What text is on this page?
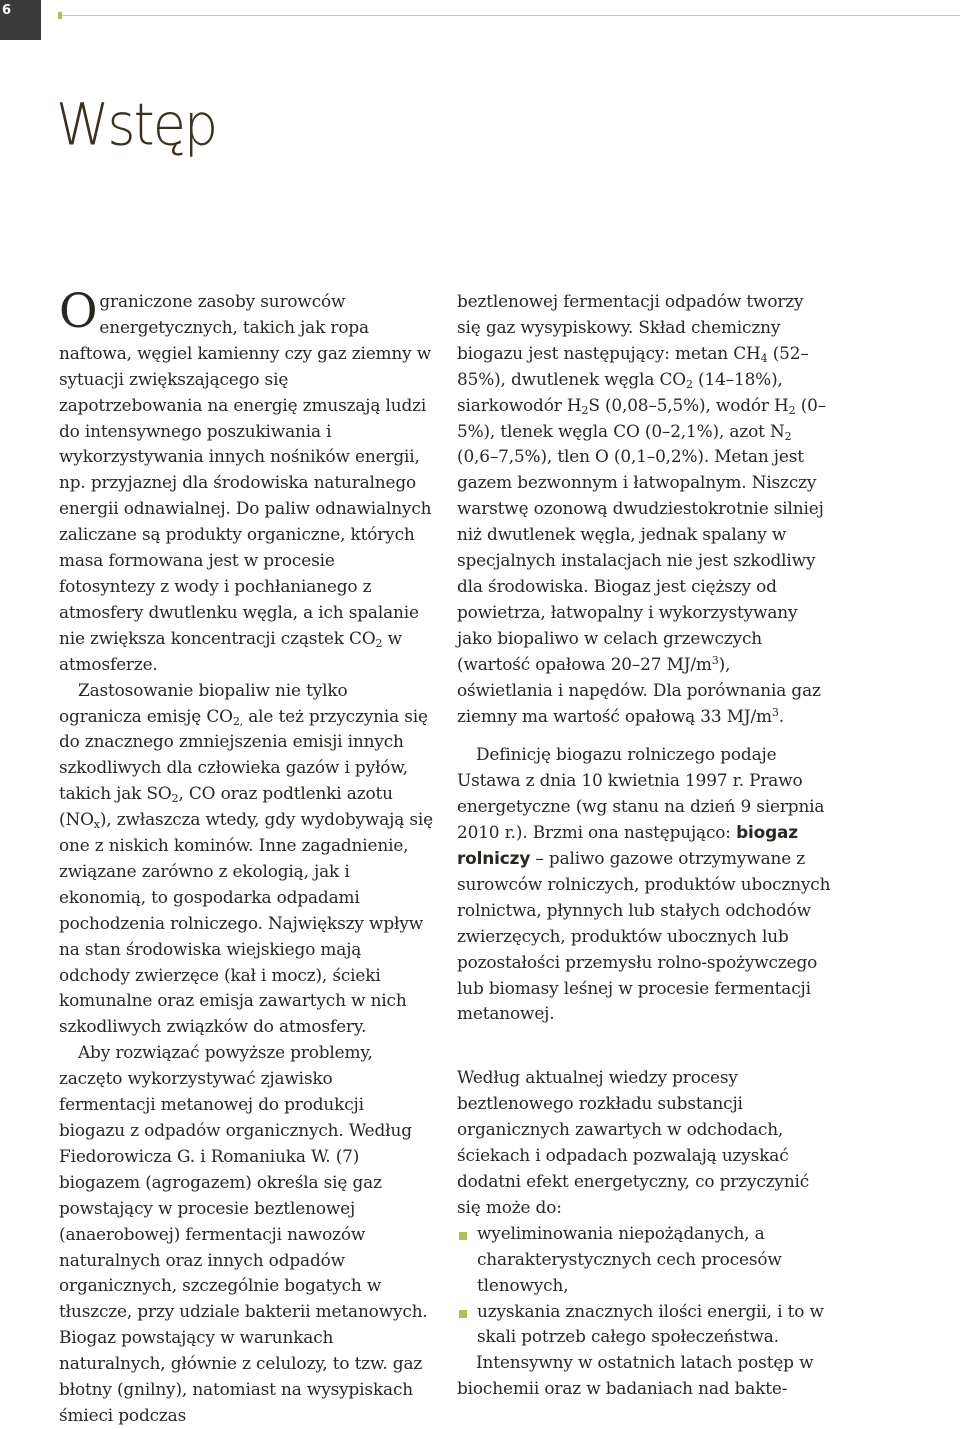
6
Wstęp

Ograniczone zasoby surowców energetycznych, takich jak ropa naftowa, węgiel kamienny czy gaz ziemny w sytuacji zwiększającego się zapotrzebowania na energię zmuszają ludzi do intensywnego poszukiwania i wykorzystywania innych nośników energii, np. przyjaznej dla środowiska naturalnego energii odnawialnej. Do paliw odnawialnych zaliczane są produkty organiczne, których masa formowana jest w procesie fotosyntezy z wody i pochłanianego z atmosfery dwutlenku węgla, a ich spalanie nie zwiększa koncentracji cząstek $CO_2$ w atmosferze.

Zastosowanie biopaliw nie tylko ogranicza emisję $CO_{2,}$ ale też przyczynia się do znacznego zmniejszenia emisji innych szkodliwych dla człowieka gazów i pyłów, takich jak $SO_2$, CO oraz podtlenki azotu $(NO_x)$, zwłaszcza wtedy, gdy wydobywają się one z niskich kominów. Inne zagadnienie, związane zarówno z ekologią, jak i ekonomią, to gospodarka odpadami pochodzenia rolniczego. Największy wpływ na stan środowiska wiejskiego mają odchody zwierzęce (kał i mocz), ścieki komunalne oraz emisja zawartych w nich szkodliwych związków do atmosfery.

Aby rozwiązać powyższe problemy, zaczęto wykorzystywać zjawisko fermentacji metanowej do produkcji biogazu z odpadów organicznych. Według Fiedorowicza G. i Romaniuka W. (7) biogazem (agrogazem) określa się gaz powstający w procesie beztlenowej (anaerobowej) fermentacji nawozów naturalnych oraz innych odpadów organicznych, szczególnie bogatych w tłuszcze, przy udziale bakterii metanowych. Biogaz powstający w warunkach naturalnych, głównie z celulozy, to tzw. gaz błotny (gnilny), natomiast na wysypiskach śmieci podczas

beztlenowej fermentacji odpadów tworzy się gaz wysypiskowy. Skład chemiczny biogazu jest następujący: metan $CH_4$ (52–85%), dwutlenek węgla $CO_2$ (14–18%), siarkowodór $H_2S$ (0,08–5,5%), wodór $H_2$ (0–5%), tlenek węgla CO (0–2,1%), azot $N_2$ (0,6–7,5%), tlen O (0,1–0,2%). Metan jest gazem bezwonnym i łatwopalnym. Niszczy warstwę ozonową dwudziestokrotnie silniej niż dwutlenek węgla, jednak spalany w specjalnych instalacjach nie jest szkodliwy dla środowiska. Biogaz jest cięższy od powietrza, łatwopalny i wykorzystywany jako biopaliwo w celach grzewczych (wartość opałowa 20–27 $MJ/m^3$), oświetlania i napędów. Dla porównania gaz ziemny ma wartość opałową 33 $MJ/m^3$.

Definicję biogazu rolniczego podaje Ustawa z dnia 10 kwietnia 1997 r. Prawo energetyczne (wg stanu na dzień 9 sierpnia 2010 r.). Brzmi ona następująco: biogaz rolniczy – paliwo gazowe otrzymywane z surowców rolniczych, produktów ubocznych rolnictwa, płynnych lub stałych odchodów zwierzęcych, produktów ubocznych lub pozostałości przemysłu rolno-spożywczego lub biomasy leśnej w procesie fermentacji metanowej.

Według aktualnej wiedzy procesy beztlenowego rozkładu substancji organicznych zawartych w odchodach, ściekach i odpadach pozwalają uzyskać dodatni efekt energetyczny, co przyczynić się może do:

wyeliminowania niepożądanych, a charakterystycznych cech procesów tlenowych,
uzyskania znacznych ilości energii, i to w skali potrzeb całego społeczeństwa.

Intensywny w ostatnich latach postęp w biochemii oraz w badaniach nad bakte-
